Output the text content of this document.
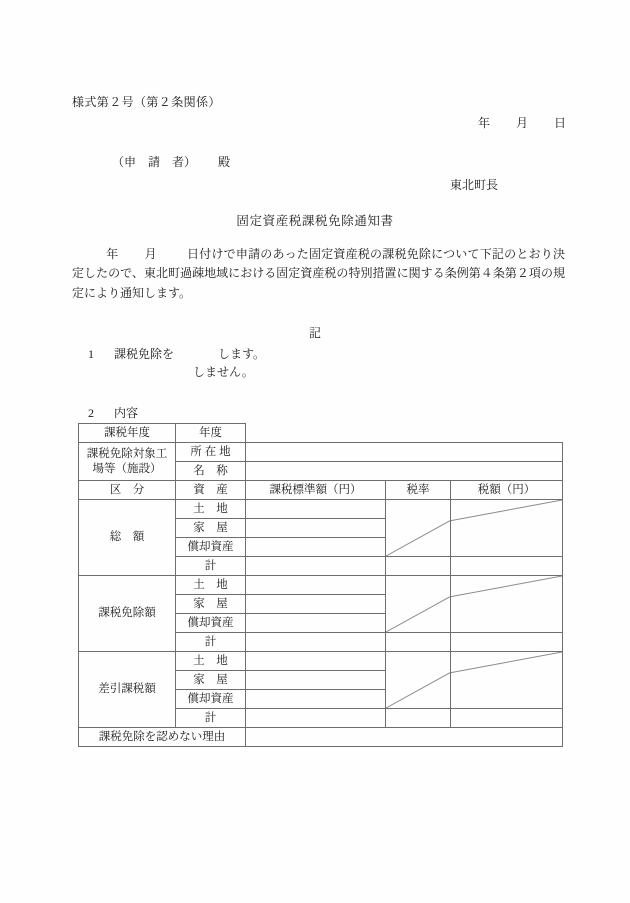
様式第２号（第２条関係）
年 月 日
（申　請　者） 殿
東北町長
固定資産税課税免除通知書
年 月	日付けで申請のあった固定資産税の課税免除について下記のとおり決定したので、東北町過疎地域における固定資産税の特別措置に関する条例第４条第２項の規定により通知します。
記
1 課税免除を	します。
しません。
2 内容
課税年度	年度			
課税免除対象工
場等（施設）	所 在 地			
	名　称			
区　分	資　産	課税標準額（円）	税率	税額（円）
総　額	土　地		

	家　屋			
	償却資産			
	計			
課税免除額	土　地		

	家　屋			
	償却資産			
	計			
差引課税額	土　地		

	家　屋			
	償却資産			
	計			
課税免除を認めない理由				
